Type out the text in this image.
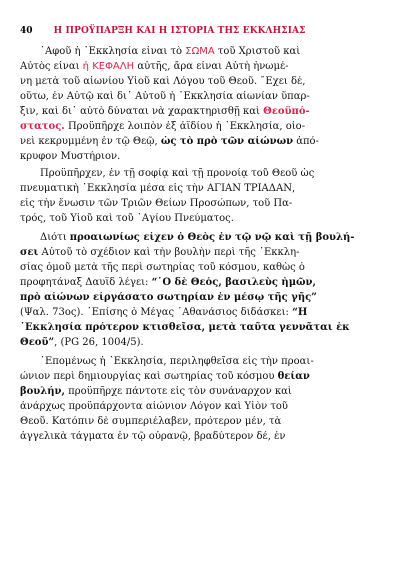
40 Η ΠΡΟΫΠΑΡΞΗ ΚΑΙ Η ΙΣΤΟΡΙΑ ΤΗΣ ΕΚΚΛΗΣΙΑΣ
᾿Αφοῦ ἡ ᾿Εκκλησία εἶναι τὸ ΣΩΜΑ τοῦ Χριστοῦ καὶ
Αὐτὸς εἶναι ἡ ΚΕΦΑΛΗ αὐτῆς, ἄρα εἶναι Αὐτὴ ἡνωμέ-
νη μετὰ τοῦ αἰωνίου Υἱοῦ καὶ Λόγου τοῦ Θεοῦ. ῎Εχει δέ,
οὕτω, ἐν Αὐτῷ καὶ δι᾿ Αὐτοῦ ἡ ᾿Εκκλησία αἰωνίαν ὕπαρ-
ξιν, καὶ δι᾿ αὐτὸ δύναται νὰ χαρακτηρισθῇ καὶ Θεοϋπό-
στατος. Προϋπῆρχε λοιπὸν ἐξ ἀϊδίου ἡ ᾿Εκκλησία, οἱο-
νεὶ κεκρυμμένη ἐν τῷ Θεῷ, ὡς τὸ πρὸ τῶν αἰώνων ἀπό-
κρυφον Μυστήριον.
Προϋπῆρχεν, ἐν τῇ σοφίᾳ καὶ τῇ προνοίᾳ τοῦ Θεοῦ ὡς
πνευματικὴ ᾿Εκκλησία μέσα εἰς τὴν ΑΓΙΑΝ ΤΡΙΑΔΑΝ,
εἰς τὴν ἕνωσιν τῶν Τριῶν Θείων Προσώπων, τοῦ Πα-
τρός, τοῦ Υἱοῦ καὶ τοῦ ῾Αγίου Πνεύματος.
Διότι προαιωνίως εἶχεν ὁ Θεὸς ἐν τῷ νῷ καὶ τῇ βουλή-
σει Αὐτοῦ τὸ σχέδιον καὶ τὴν βουλὴν περὶ τῆς ᾿Εκκλη-
σίας ὁμοῦ μετὰ τῆς περὶ σωτηρίας τοῦ κόσμου, καθὼς ὁ
προφητάναξ Δαυῒδ λέγει: “῾Ο δὲ Θεός, βασιλεὺς ἡμῶν,
πρὸ αἰώνων εἰργάσατο σωτηρίαν ἐν μέσῳ τῆς γῆς”
(Ψαλ. 73ος). ᾿Επίσης ὁ Μέγας ᾿Αθανάσιος διδάσκει: “Η
᾿Εκκλησία πρότερον κτισθεῖσα, μετὰ ταῦτα γεννᾶται ἐκ
Θεοῦ”, (PG 26, 1004/5).
῾Επομένως ἡ ᾿Εκκλησία, περιληφθεῖσα εἰς τὴν προαι-
ώνιον περὶ δημιουργίας καὶ σωτηρίας τοῦ κόσμου θείαν
βουλήν, προϋπῆρχε πάντοτε εἰς τὸν συνάναρχον καὶ
ἀνάρχως προϋπάρχοντα αἰώνιον Λόγον καὶ Υἱὸν τοῦ
Θεοῦ. Κατόπιν δὲ συμπεριέλαβεν, πρότερον μέν, τὰ
ἀγγελικὰ τάγματα ἐν τῷ οὐρανῷ, βραδύτερον δέ, ἐν
